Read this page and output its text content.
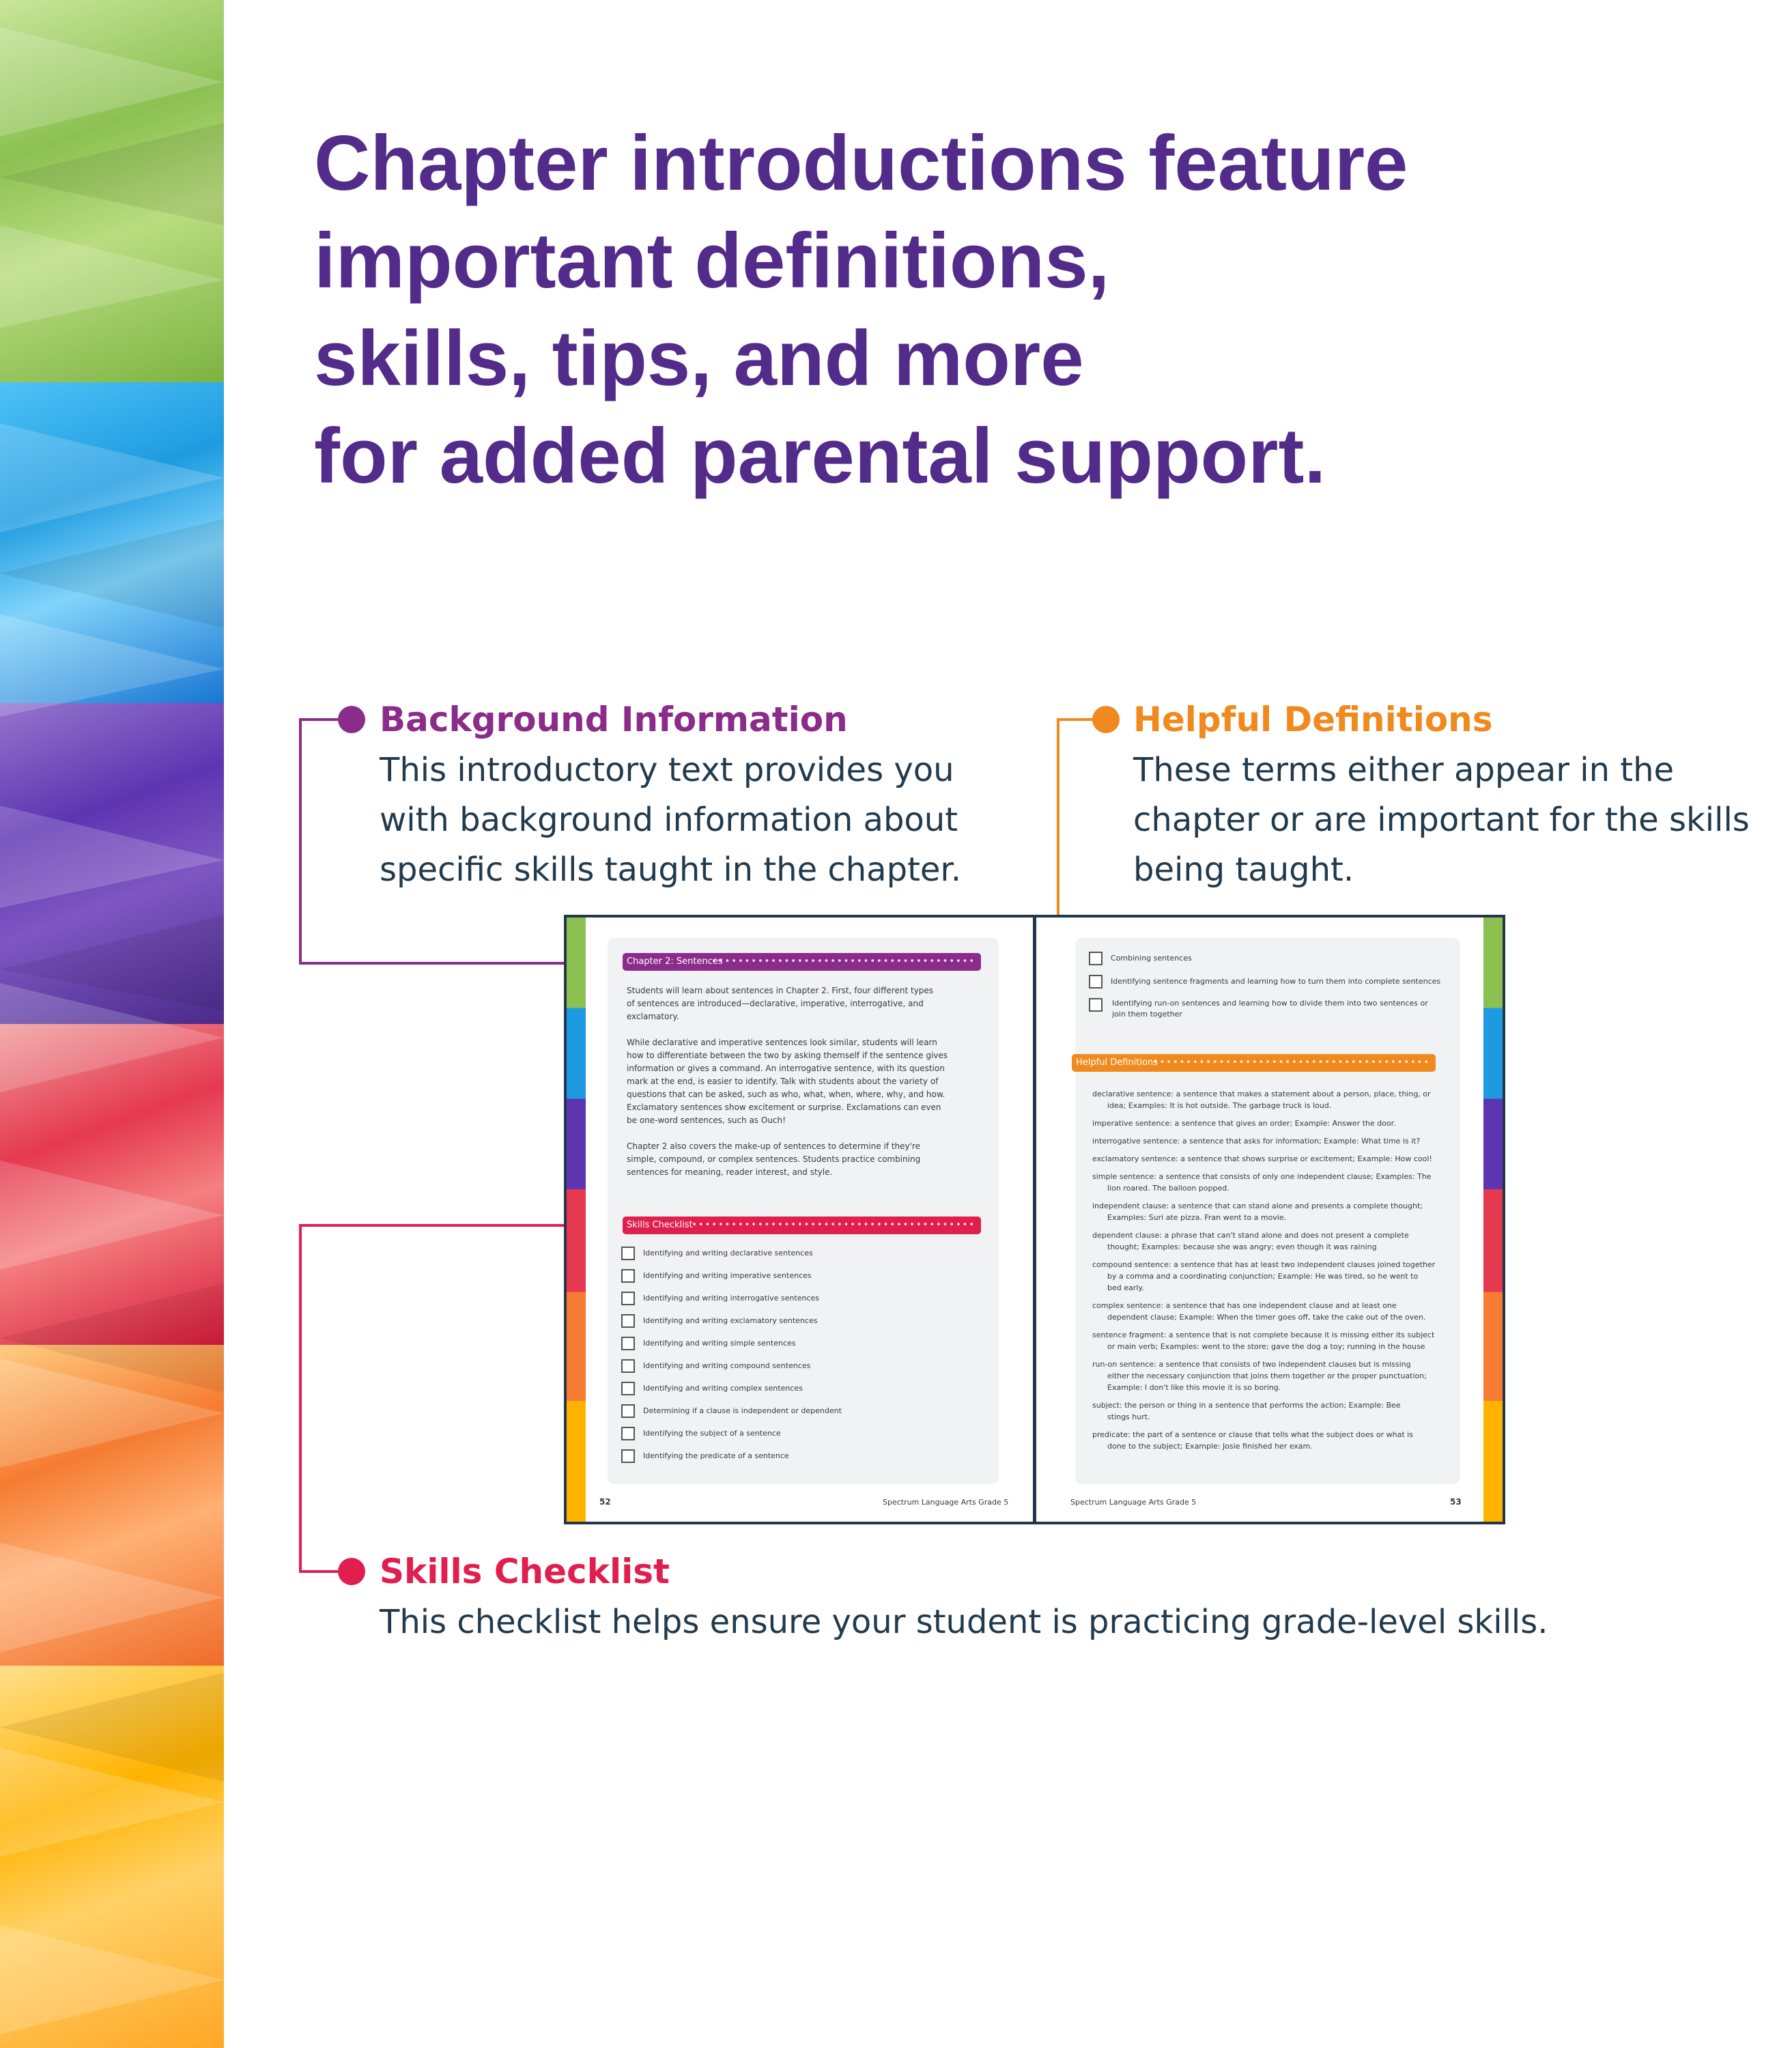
Chapter introductions feature
important definitions,
skills, tips, and more
for added parental support.
Background Information
This introductory text provides you
with background information about
specific skills taught in the chapter.
Helpful Definitions
These terms either appear in the
chapter or are important for the skills
being taught.
Skills Checklist
This checklist helps ensure your student is practicing grade-level skills.
Chapter 2: Sentences
••••••••••••••••••••••••••••••••••••••••

Students will learn about sentences in Chapter 2. First, four different types
of sentences are introduced—declarative, imperative, interrogative, and
exclamatory.

While declarative and imperative sentences look similar, students will learn
how to differentiate between the two by asking themself if the sentence gives
information or gives a command. An interrogative sentence, with its question
mark at the end, is easier to identify. Talk with students about the variety of
questions that can be asked, such as who, what, when, where, why, and how.
Exclamatory sentences show excitement or surprise. Exclamations can even
be one-word sentences, such as Ouch!

Chapter 2 also covers the make-up of sentences to determine if they're
simple, compound, or complex sentences. Students practice combining
sentences for meaning, reader interest, and style.

Skills Checklist
•••••••••••••••••••••••••••••••••••••••••••
Identifying and writing declarative sentences
Identifying and writing imperative sentences
Identifying and writing interrogative sentences
Identifying and writing exclamatory sentences
Identifying and writing simple sentences
Identifying and writing compound sentences
Identifying and writing complex sentences
Determining if a clause is independent or dependent
Identifying the subject of a sentence
Identifying the predicate of a sentence
52	Spectrum Language Arts Grade 5
Combining sentences
Identifying sentence fragments and learning how to turn them into complete sentences
Identifying run-on sentences and learning how to divide them into two sentences or join them together
Helpful Definitions
••••••••••••••••••••••••••••••••••••••••••
declarative sentence: a sentence that makes a statement about a person, place, thing, or
idea; Examples: It is hot outside. The garbage truck is loud.
imperative sentence: a sentence that gives an order; Example: Answer the door.
interrogative sentence: a sentence that asks for information; Example: What time is it?
exclamatory sentence: a sentence that shows surprise or excitement; Example: How cool!
simple sentence: a sentence that consists of only one independent clause; Examples: The
lion roared. The balloon popped.
independent clause: a sentence that can stand alone and presents a complete thought;
Examples: Suri ate pizza. Fran went to a movie.
dependent clause: a phrase that can't stand alone and does not present a complete
thought; Examples: because she was angry; even though it was raining
compound sentence: a sentence that has at least two independent clauses joined together
by a comma and a coordinating conjunction; Example: He was tired, so he went to
bed early.
complex sentence: a sentence that has one independent clause and at least one
dependent clause; Example: When the timer goes off, take the cake out of the oven.
sentence fragment: a sentence that is not complete because it is missing either its subject
or main verb; Examples: went to the store; gave the dog a toy; running in the house
run-on sentence: a sentence that consists of two independent clauses but is missing
either the necessary conjunction that joins them together or the proper punctuation;
Example: I don't like this movie it is so boring.
subject: the person or thing in a sentence that performs the action; Example: Bee
stings hurt.
predicate: the part of a sentence or clause that tells what the subject does or what is
done to the subject; Example: Josie finished her exam.
Spectrum Language Arts Grade 5	53
